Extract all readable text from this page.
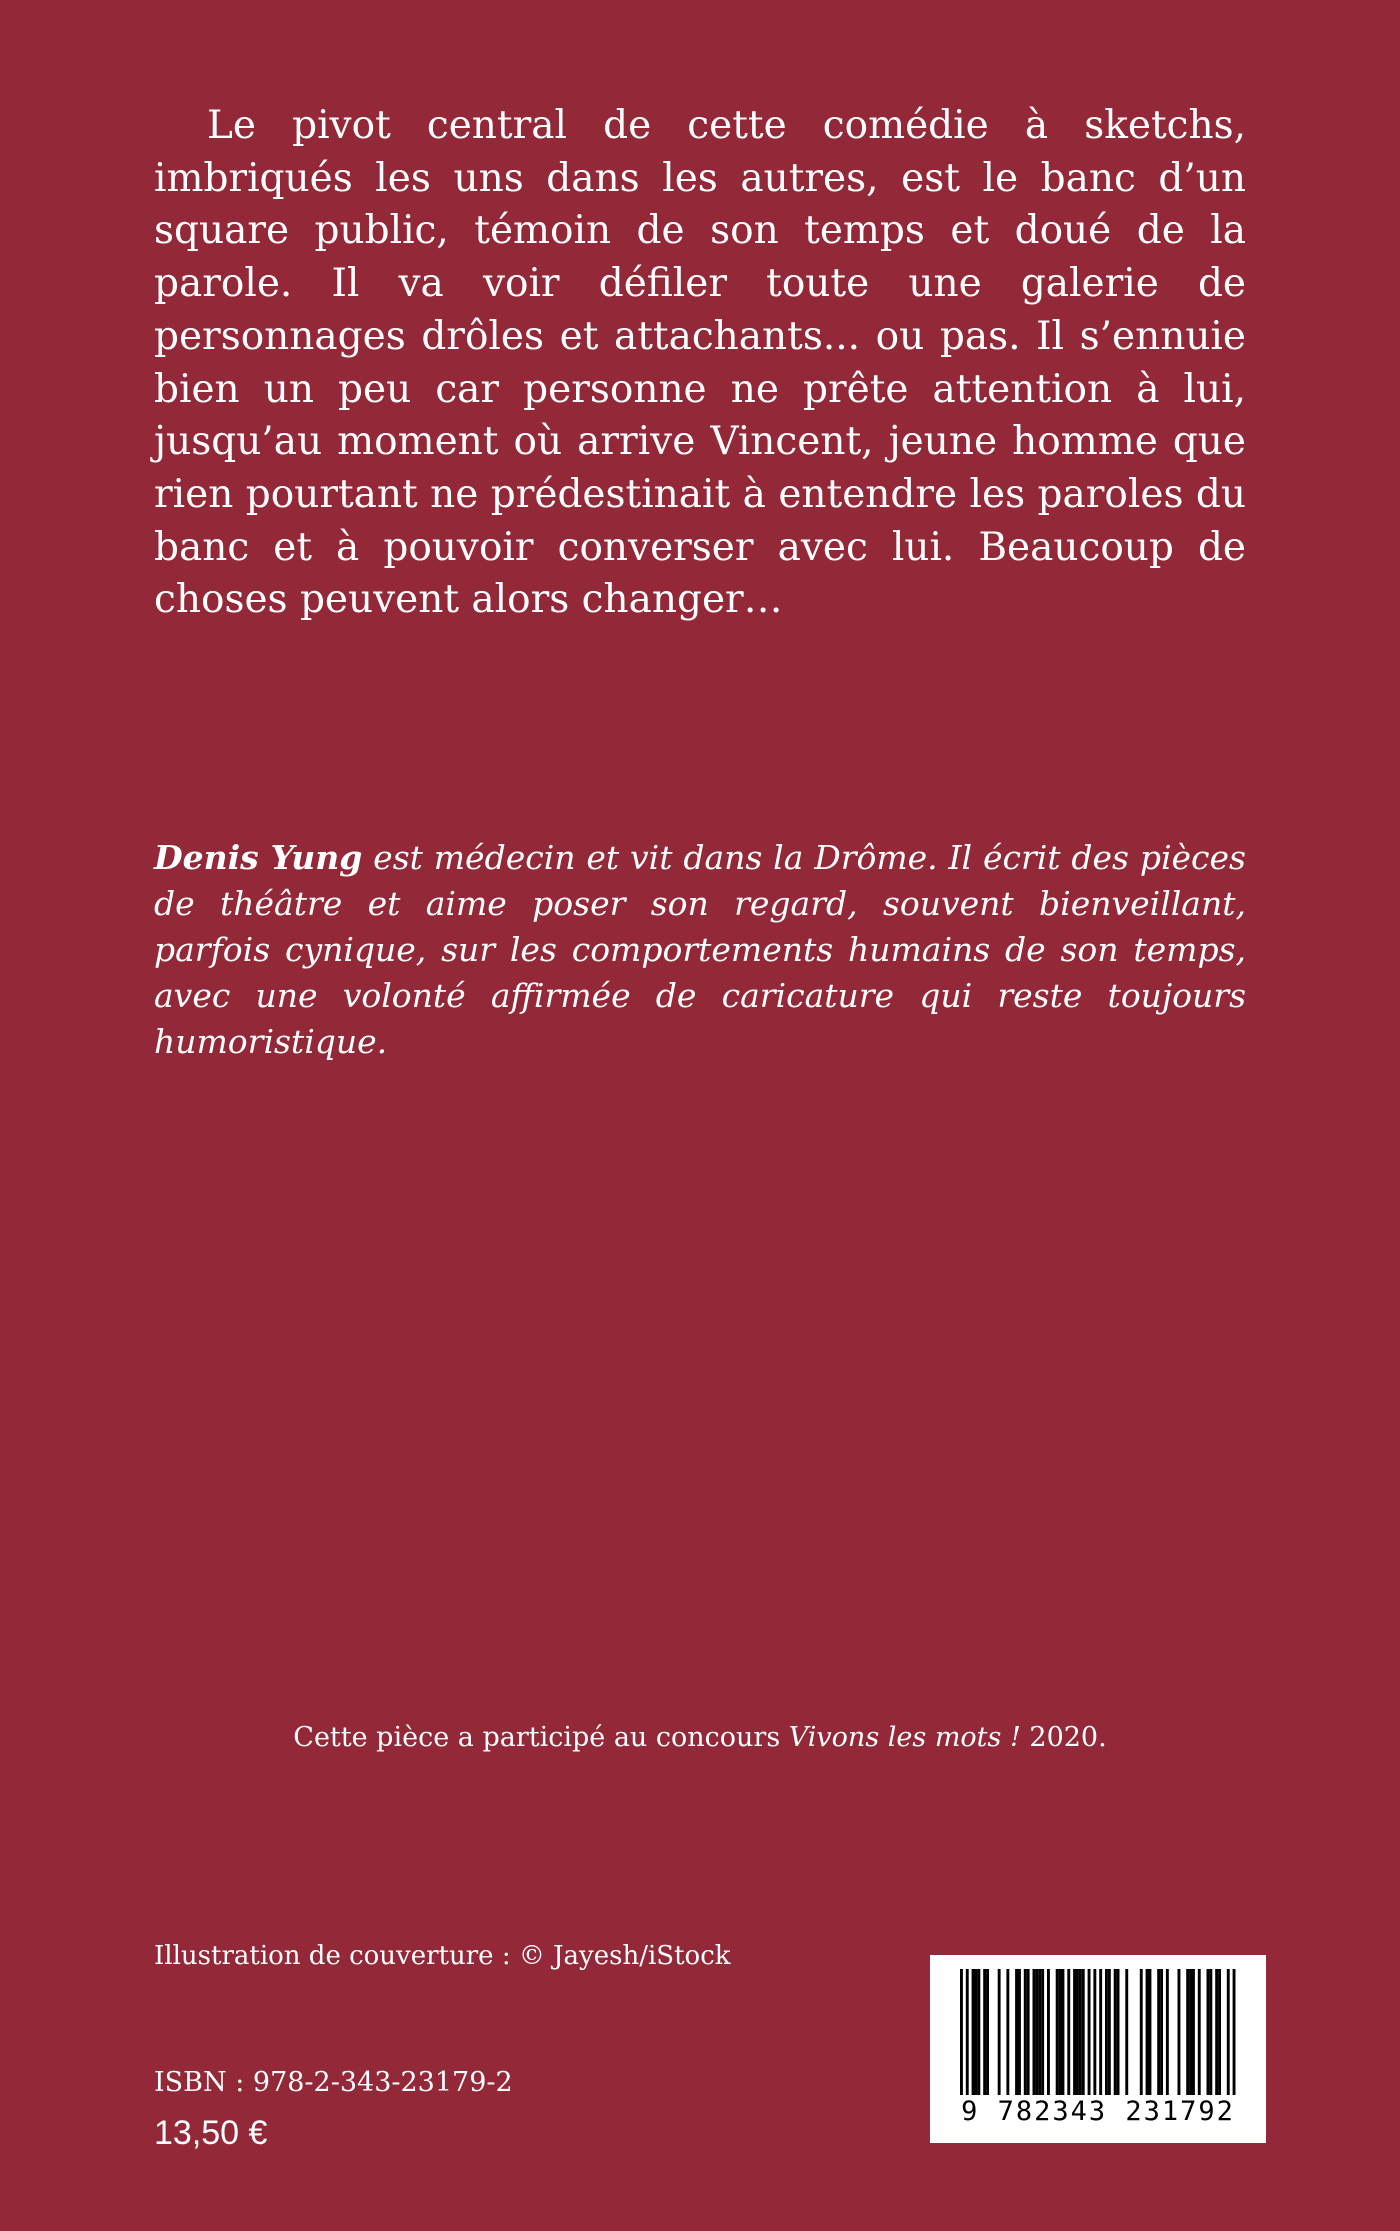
Le pivot central de cette comédie à sketchs, imbriqués les uns dans les autres, est le banc d’un square public, témoin de son temps et doué de la parole. Il va voir défiler toute une galerie de personnages drôles et attachants... ou pas. Il s’ennuie bien un peu car personne ne prête attention à lui, jusqu’au moment où arrive Vincent, jeune homme que rien pourtant ne prédestinait à entendre les paroles du banc et à pouvoir converser avec lui. Beaucoup de choses peuvent alors changer…

Denis Yung est médecin et vit dans la Drôme. Il écrit des pièces de théâtre et aime poser son regard, souvent bienveillant, parfois cynique, sur les comportements humains de son temps, avec une volonté affirmée de caricature qui reste toujours humoristique.

Cette pièce a participé au concours Vivons les mots ! 2020.

Illustration de couverture : © Jayesh/iStock

ISBN : 978-2-343-23179-2

13,50 €

9 782343 231792
